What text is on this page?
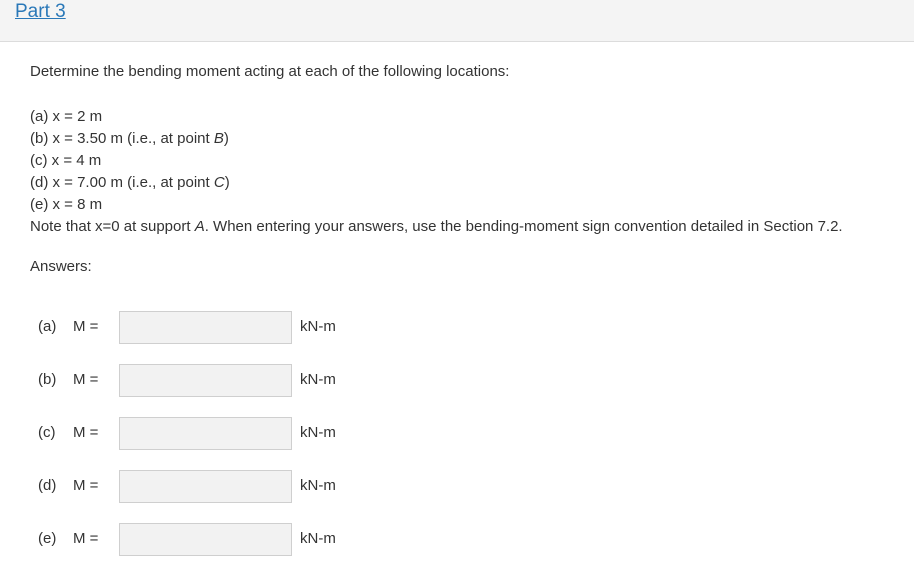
Part 3
Determine the bending moment acting at each of the following locations:
(a) x = 2 m
(b) x = 3.50 m (i.e., at point B)
(c) x = 4 m
(d) x = 7.00 m (i.e., at point C)
(e) x = 8 m
Note that x=0 at support A. When entering your answers, use the bending-moment sign convention detailed in Section 7.2.
Answers:
(a) M =	kN-m
(b) M =	kN-m
(c) M =	kN-m
(d) M =	kN-m
(e) M =	kN-m
